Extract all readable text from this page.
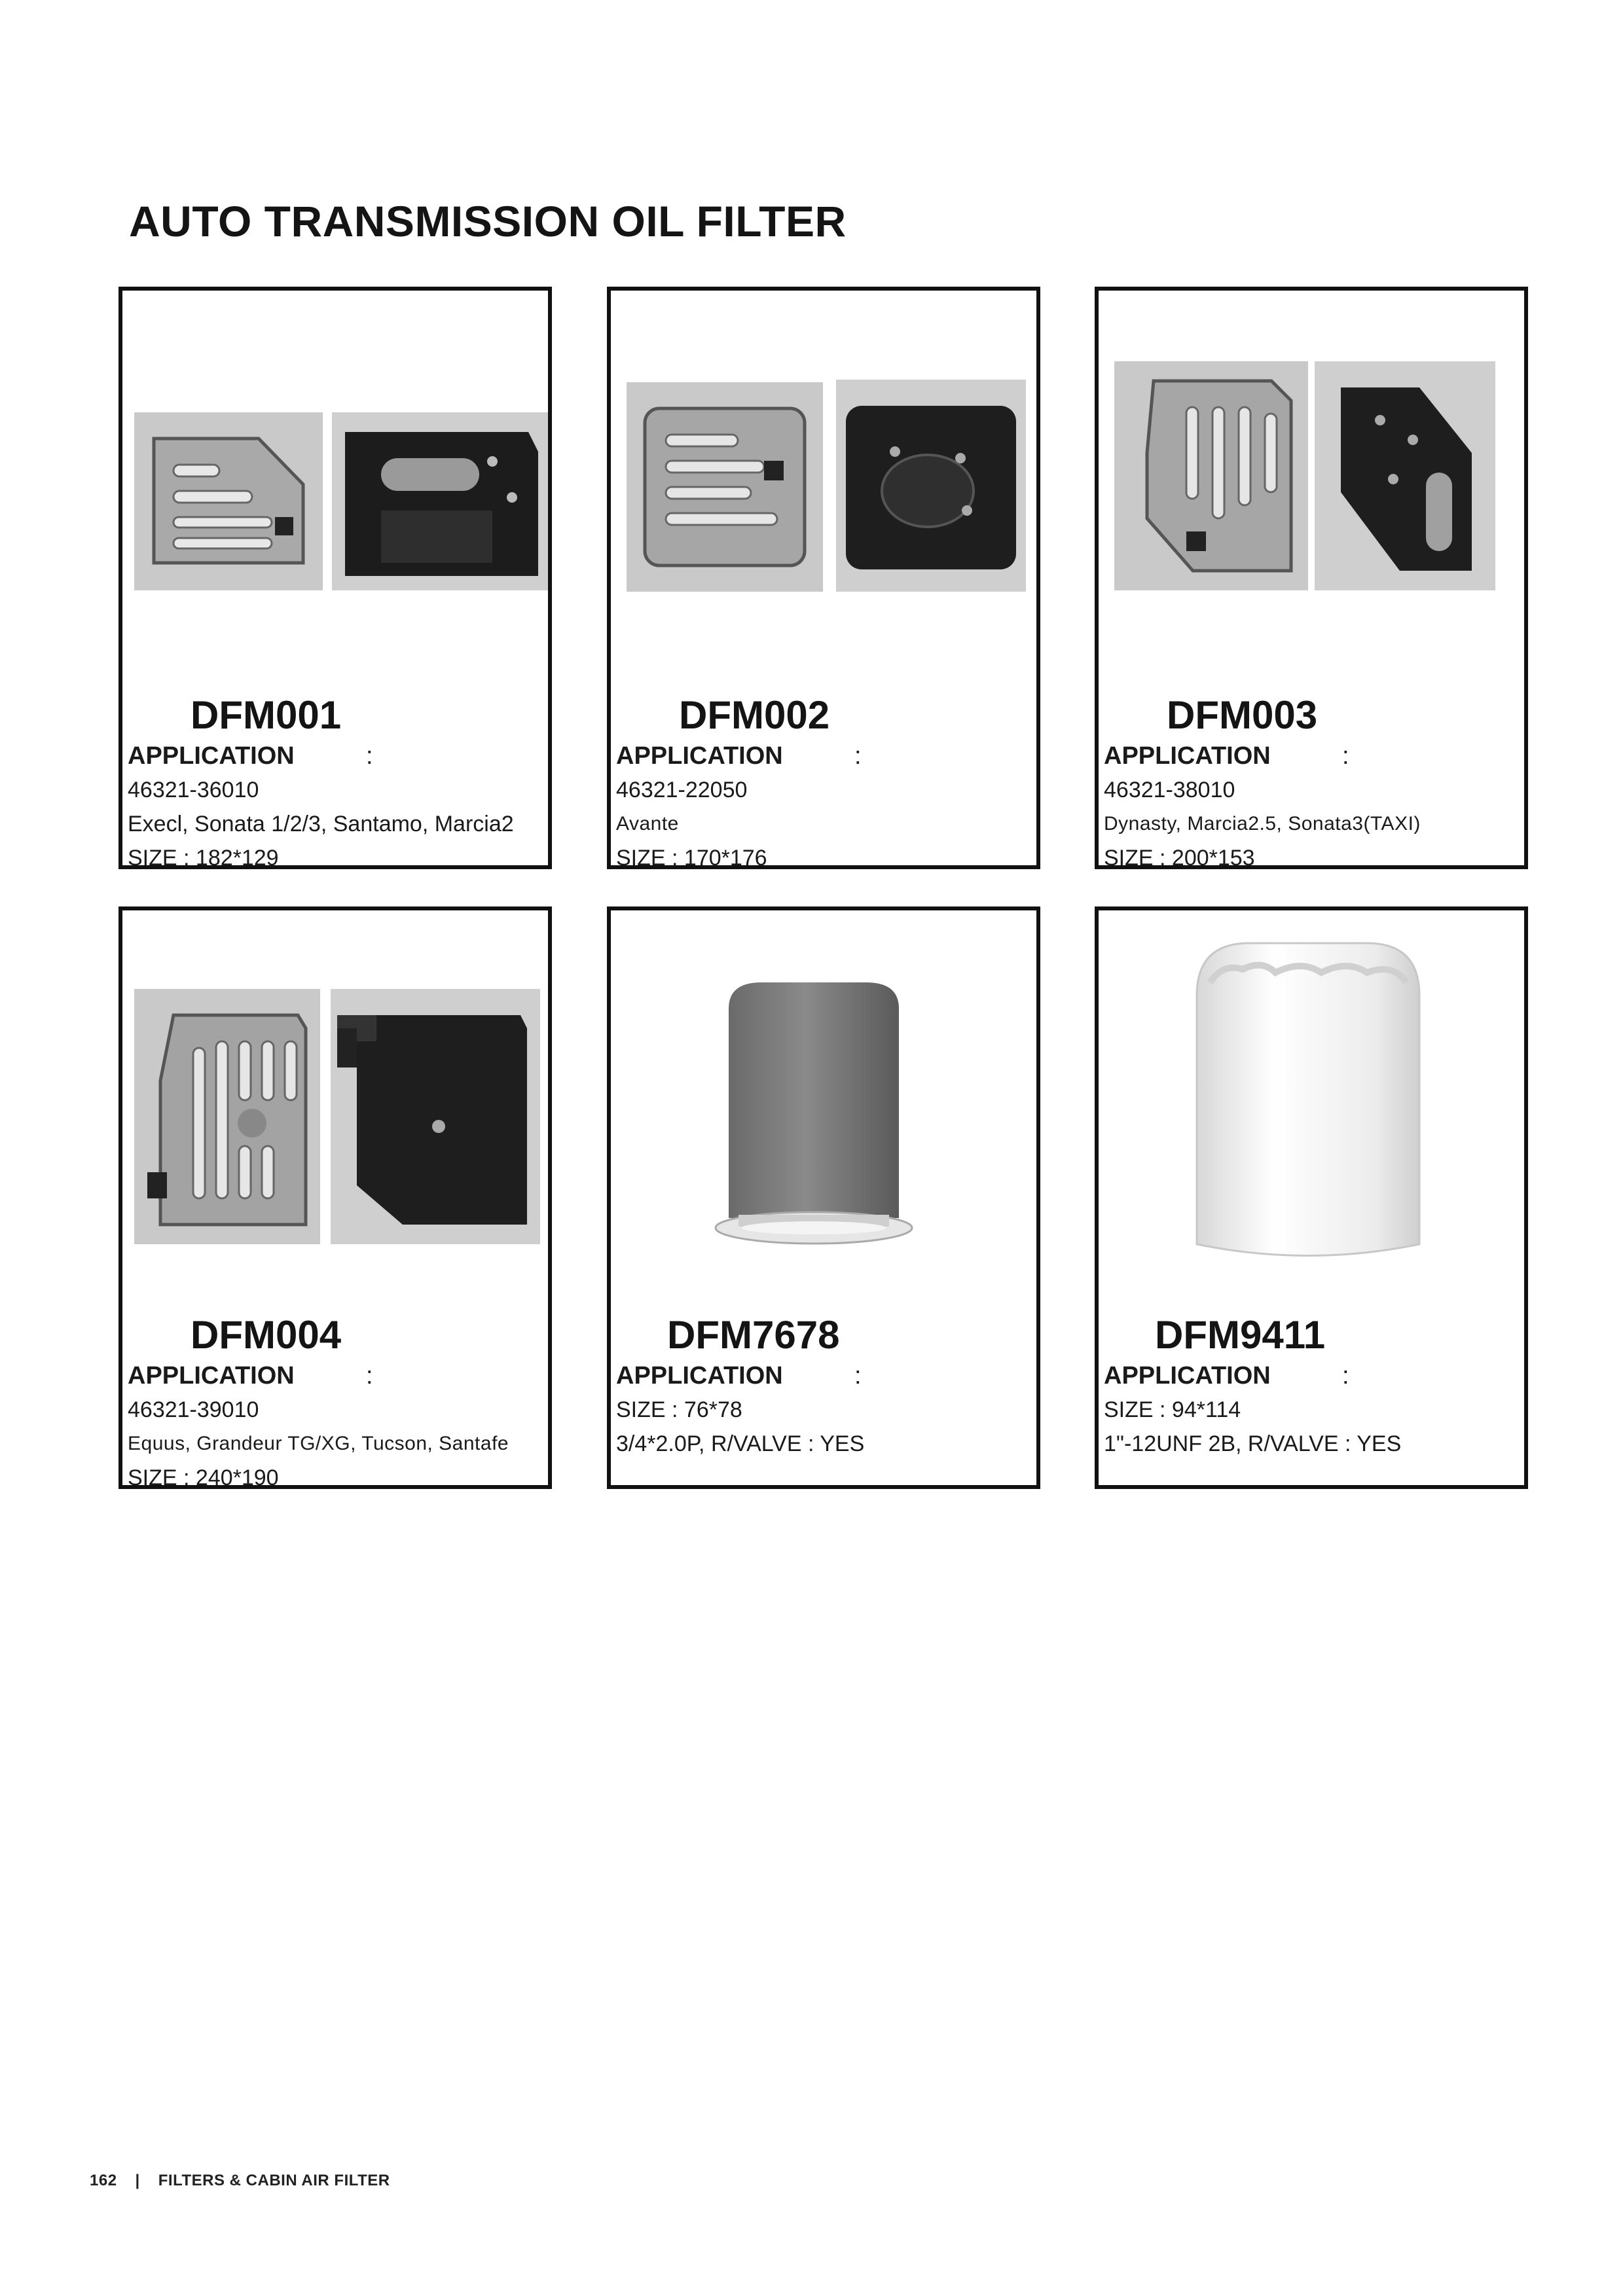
AUTO TRANSMISSION OIL FILTER
DFM001
APPLICATION	:
46321-36010
Execl, Sonata 1/2/3, Santamo, Marcia2
SIZE : 182*129
DFM002
APPLICATION	:
46321-22050
Avante
SIZE : 170*176
DFM003
APPLICATION	:
46321-38010
Dynasty, Marcia2.5, Sonata3(TAXI)
SIZE : 200*153
DFM004
APPLICATION	:
46321-39010
Equus, Grandeur TG/XG, Tucson, Santafe
SIZE : 240*190
DFM7678
APPLICATION	:
SIZE : 76*78
3/4*2.0P, R/VALVE : YES
DFM9411
APPLICATION	:
SIZE : 94*114
1"-12UNF 2B, R/VALVE : YES
162 | FILTERS & CABIN AIR FILTER
